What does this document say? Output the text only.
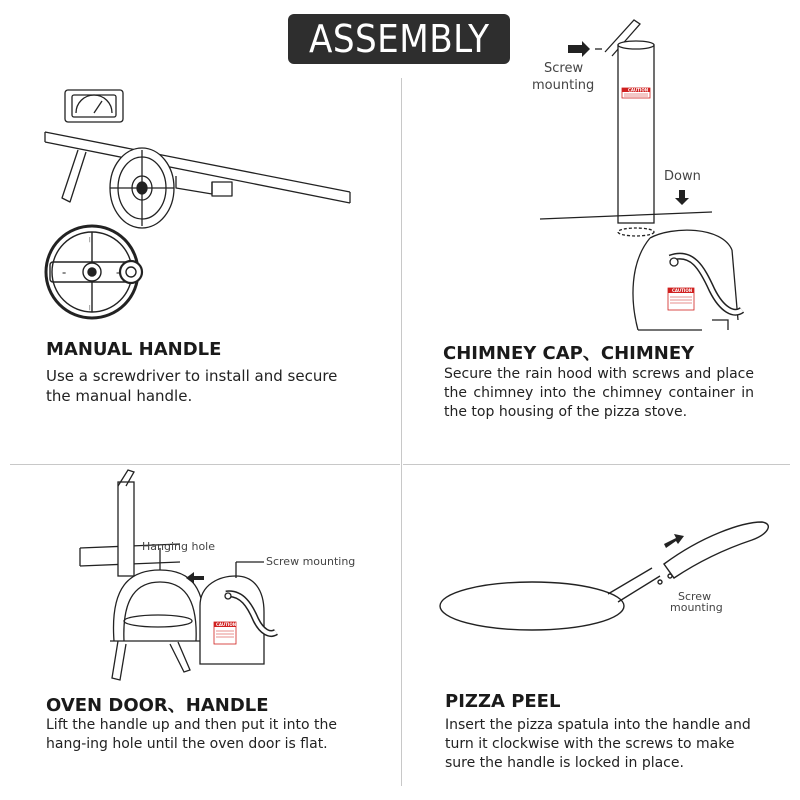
ASSEMBLY
|
|
=	=
MANUAL HANDLE
Use a screwdriver to install and secure the manual handle.
CAUTION
CAUTION
Screw
mounting
Down
CHIMNEY CAP、CHIMNEY
Secure the rain hood with screws and place the chimney into the chimney container in the top housing of the pizza stove.
CAUTION
Hanging hole
Screw mounting
OVEN DOOR、HANDLE
Lift the handle up and then put it into the hang-ing hole until the oven door is flat.
Screw
mounting
PIZZA PEEL
Insert the pizza spatula into the handle and turn it clockwise with the screws to make sure the handle is locked in place.
